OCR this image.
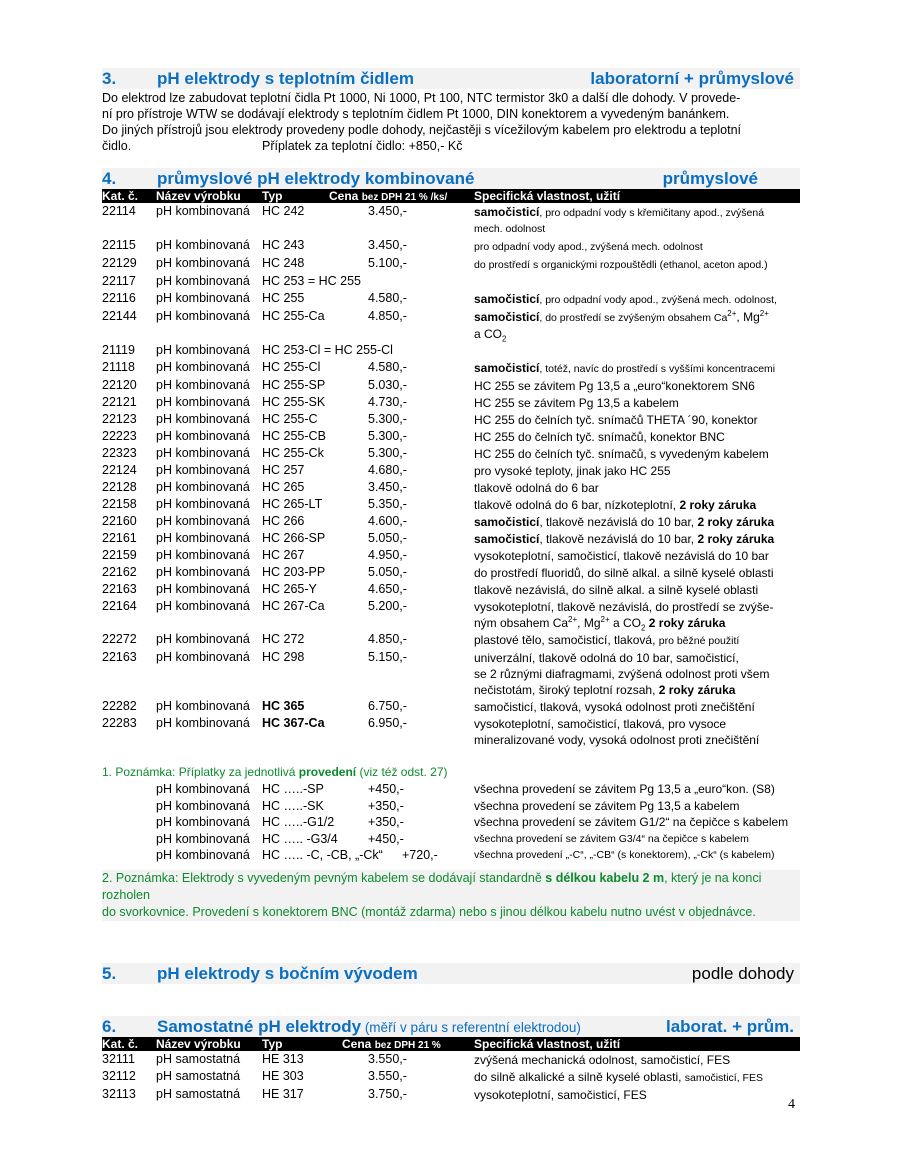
3.	pH elektrody s teplotním čidlem	laboratorní + průmyslové
Do elektrod lze zabudovat teplotní čidla Pt 1000, Ni 1000, Pt 100, NTC termistor 3k0 a další dle dohody. V provede-
ní pro přístroje WTW se dodávají elektrody s teplotním čidlem Pt 1000, DIN konektorem a vyvedeným banánkem.
Do jiných přístrojů jsou elektrody provedeny podle dohody, nejčastěji s vícežilovým kabelem pro elektrodu a teplotní
čidlo.	Příplatek za teplotní čidlo: +850,- Kč
4.	průmyslové pH elektrody kombinované	průmyslové
Kat. č.	Název výrobku	Typ	Cena bez DPH 21 % /ks/	Specifická vlastnost, užití
22114	pH kombinovaná HC 242	3.450,-	samočisticí, pro odpadní vody s křemičitany apod., zvýšená
mech. odolnost
22115	pH kombinovaná HC 243	3.450,-	pro odpadní vody apod., zvýšená mech. odolnost
22129	pH kombinovaná HC 248	5.100,-	do prostředí s organickými rozpouštědli (ethanol, aceton apod.)
22117	pH kombinovaná HC 253 = HC 255
22116	pH kombinovaná HC 255	4.580,-	samočisticí, pro odpadní vody apod., zvýšená mech. odolnost,
22144	pH kombinovaná HC 255-Ca	4.850,-	samočisticí, do prostředí se zvýšeným obsahem $Ca^{2+}$, $Mg^{2+}$
a $CO_2$
21119	pH kombinovaná HC 253-Cl = HC 255-Cl
21118	pH kombinovaná HC 255-Cl	4.580,-	samočisticí, totéž, navíc do prostředí s vyššími koncentracemi
22120	pH kombinovaná HC 255-SP	5.030,-	HC 255 se závitem Pg 13,5 a „euro“konektorem SN6
22121	pH kombinovaná HC 255-SK	4.730,-	HC 255 se závitem Pg 13,5 a kabelem
22123	pH kombinovaná HC 255-C	5.300,-	HC 255 do čelních tyč. snímačů THETA ´90, konektor
22223	pH kombinovaná HC 255-CB	5.300,-	HC 255 do čelních tyč. snímačů, konektor BNC
22323	pH kombinovaná HC 255-Ck	5.300,-	HC 255 do čelních tyč. snímačů, s vyvedeným kabelem
22124	pH kombinovaná HC 257	4.680,-	pro vysoké teploty, jinak jako HC 255
22128	pH kombinovaná HC 265	3.450,-	tlakově odolná do 6 bar
22158	pH kombinovaná HC 265-LT	5.350,-	tlakově odolná do 6 bar, nízkoteplotní, 2 roky záruka
22160	pH kombinovaná HC 266	4.600,-	samočisticí, tlakově nezávislá do 10 bar, 2 roky záruka
22161	pH kombinovaná HC 266-SP	5.050,-	samočisticí, tlakově nezávislá do 10 bar, 2 roky záruka
22159	pH kombinovaná HC 267	4.950,-	vysokoteplotní, samočisticí, tlakově nezávislá do 10 bar
22162	pH kombinovaná HC 203-PP	5.050,-	do prostředí fluoridů, do silně alkal. a silně kyselé oblasti
22163	pH kombinovaná HC 265-Y	4.650,-	tlakově nezávislá, do silně alkal. a silně kyselé oblasti
22164	pH kombinovaná HC 267-Ca	5.200,-	vysokoteplotní, tlakově nezávislá, do prostředí se zvýše-
ným obsahem $Ca^{2+}$, $Mg^{2+}$ a $CO_2$ 2 roky záruka
22272	pH kombinovaná HC 272	4.850,-	plastové tělo, samočisticí, tlaková, pro běžné použití
22163	pH kombinovaná HC 298	5.150,-	univerzální, tlakově odolná do 10 bar, samočisticí,
se 2 různými diafragmami, zvýšená odolnost proti všem
nečistotám, široký teplotní rozsah, 2 roky záruka
22282	pH kombinovaná HC 365	6.750,-	samočisticí, tlaková, vysoká odolnost proti znečištění
22283	pH kombinovaná HC 367-Ca	6.950,-	vysokoteplotní, samočisticí, tlaková, pro vysoce
mineralizované vody, vysoká odolnost proti znečištění
1. Poznámka: Příplatky za jednotlivá provedení (viz též odst. 27)
pH kombinovaná HC …..-SP	+450,-	všechna provedení se závitem Pg 13,5 a „euro“kon. (S8)
pH kombinovaná HC …..-SK	+350,-	všechna provedení se závitem Pg 13,5 a kabelem
pH kombinovaná HC …..-G1/2	+350,-	všechna provedení se závitem G1/2“ na čepičce s kabelem
pH kombinovaná HC ….. -G3/4	+450,-	všechna provedení se závitem G3/4“ na čepičce s kabelem
pH kombinovaná HC ….. -C, -CB, „-Ck“	+720,-	všechna provedení „-C“, „-CB“ (s konektorem), „-Ck“ (s kabelem)
2. Poznámka: Elektrody s vyvedeným pevným kabelem se dodávají standardně s délkou kabelu 2 m, který je na konci rozholen
do svorkovnice. Provedení s konektorem BNC (montáž zdarma) nebo s jinou délkou kabelu nutno uvést v objednávce.
5.	pH elektrody s bočním vývodem	podle dohody
6.	Samostatné pH elektrody (měří v páru s referentní elektrodou)	laborat. + prům.
Kat. č.	Název výrobku	Typ	Cena bez DPH 21 %	Specifická vlastnost, užití
32111	pH samostatná	HE 313	3.550,-	zvýšená mechanická odolnost, samočisticí, FES
32112	pH samostatná	HE 303	3.550,-	do silně alkalické a silně kyselé oblasti, samočisticí, FES
32113	pH samostatná	HE 317	3.750,-	vysokoteplotní, samočisticí, FES
4
